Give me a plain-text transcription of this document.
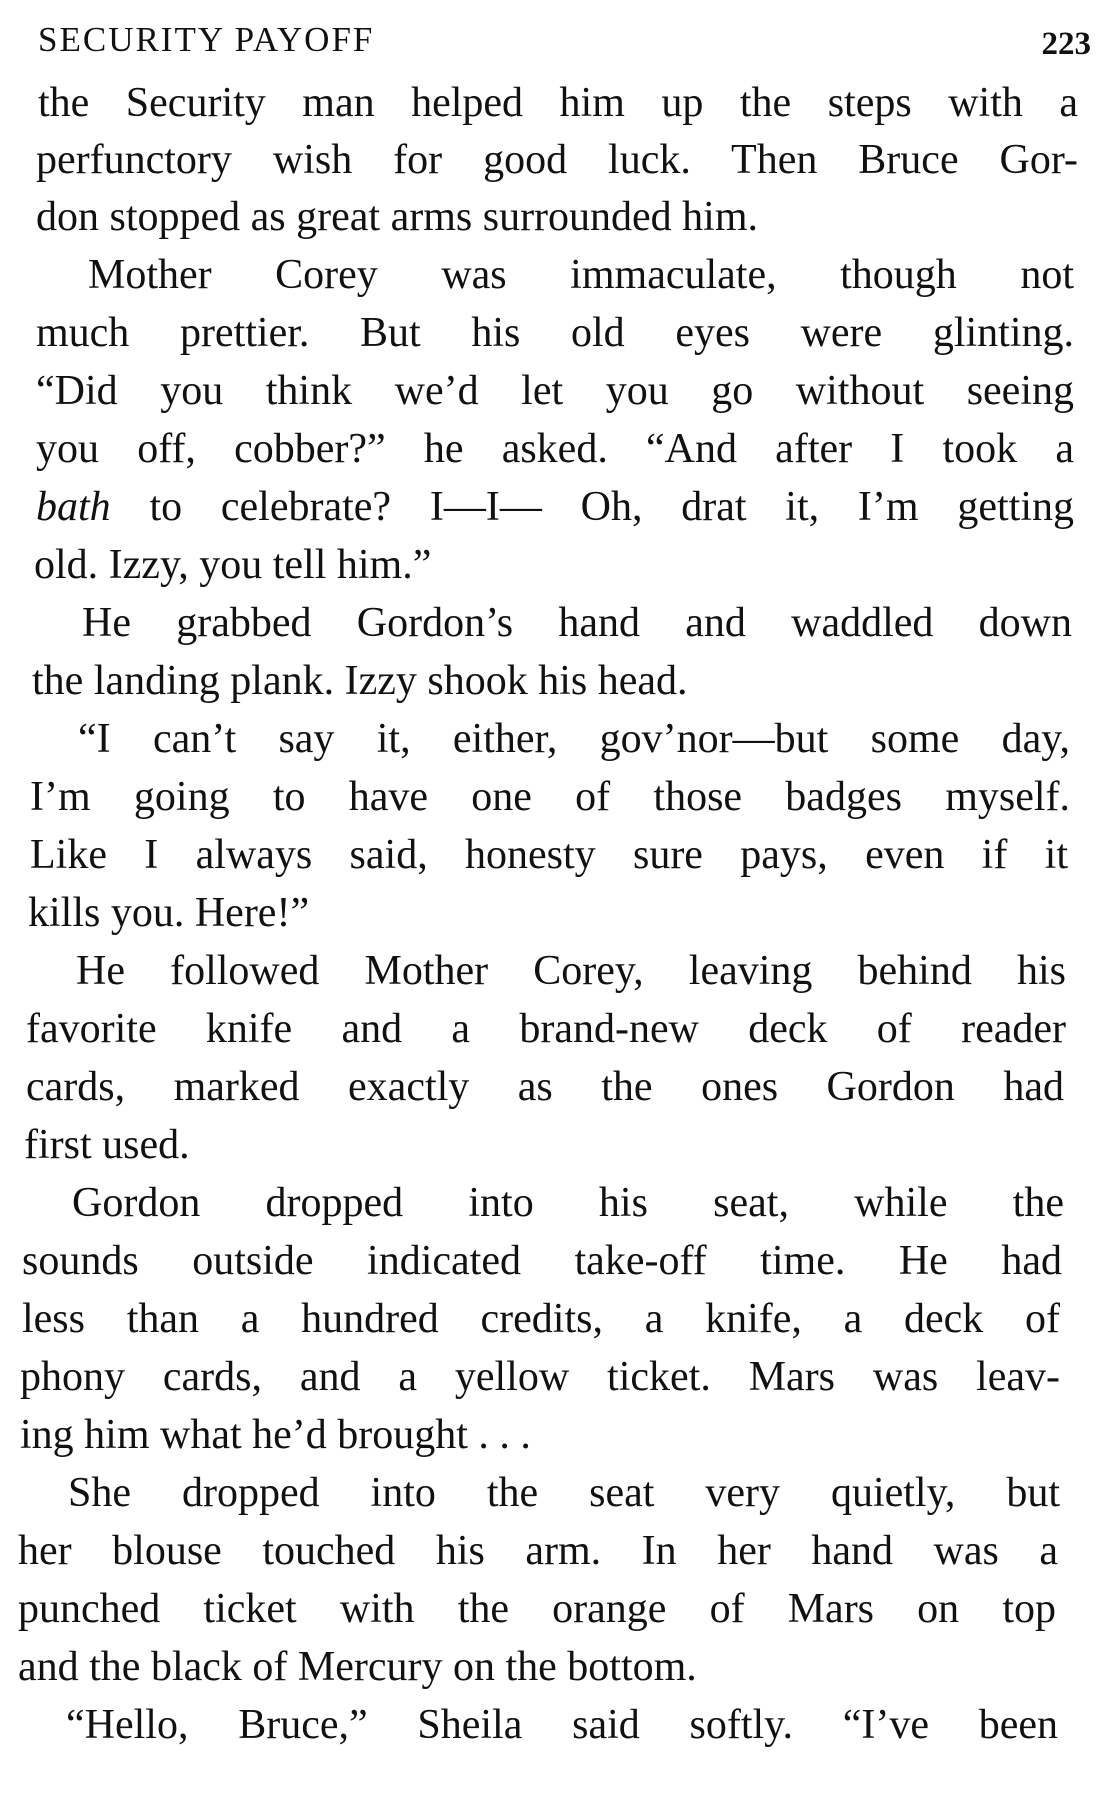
SECURITY PAYOFF	223
the Security man helped him up the steps with a
perfunctory wish for good luck. Then Bruce Gor-
don stopped as great arms surrounded him.
Mother Corey was immaculate, though not
much prettier. But his old eyes were glinting.
“Did you think we’d let you go without seeing
you off, cobber?” he asked. “And after I took a
bath to celebrate? I—I— Oh, drat it, I’m getting
old. Izzy, you tell him.”
He grabbed Gordon’s hand and waddled down
the landing plank. Izzy shook his head.
“I can’t say it, either, gov’nor—but some day,
I’m going to have one of those badges myself.
Like I always said, honesty sure pays, even if it
kills you. Here!”
He followed Mother Corey, leaving behind his
favorite knife and a brand-new deck of reader
cards, marked exactly as the ones Gordon had
first used.
Gordon dropped into his seat, while the
sounds outside indicated take-off time. He had
less than a hundred credits, a knife, a deck of
phony cards, and a yellow ticket. Mars was leav-
ing him what he’d brought . . .
She dropped into the seat very quietly, but
her blouse touched his arm. In her hand was a
punched ticket with the orange of Mars on top
and the black of Mercury on the bottom.
“Hello, Bruce,” Sheila said softly. “I’ve been
